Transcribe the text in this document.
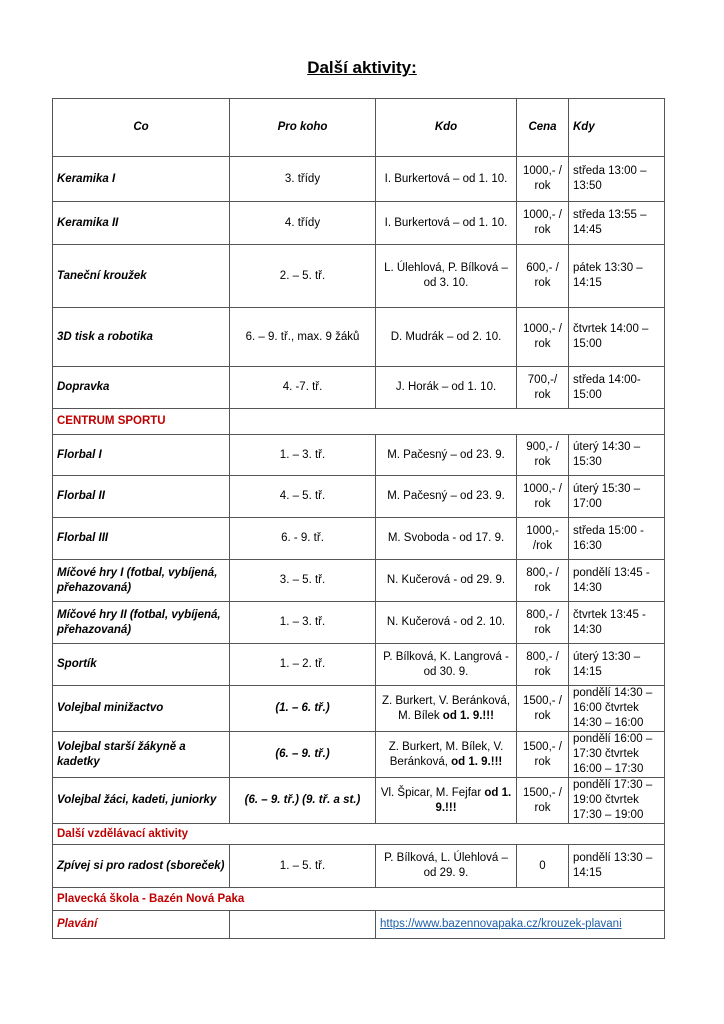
Další aktivity:
Co	Pro koho	Kdo	Cena	Kdy
Keramika I	3. třídy	I. Burkertová – od 1. 10.	1000,- / rok	středa 13:00 – 13:50
Keramika II	4. třídy	I. Burkertová – od 1. 10.	1000,- / rok	středa 13:55 – 14:45
Taneční kroužek	2. – 5. tř.	L. Úlehlová, P. Bílková – od 3. 10.	600,- / rok	pátek 13:30 – 14:15
3D tisk a robotika	6. – 9. tř., max. 9 žáků	D. Mudrák – od 2. 10.	1000,- / rok	čtvrtek 14:00 – 15:00
Dopravka	4. -7. tř.	J. Horák – od 1. 10.	700,-/ rok	středa 14:00-15:00
CENTRUM SPORTU				
Florbal I	1. – 3. tř.	M. Pačesný – od 23. 9.	900,- / rok	úterý 14:30 – 15:30
Florbal II	4. – 5. tř.	M. Pačesný – od 23. 9.	1000,- / rok	úterý 15:30 – 17:00
Florbal III	6. - 9. tř.	M. Svoboda - od 17. 9.	1000,- /rok	středa 15:00 - 16:30
Míčové hry I (fotbal, vybíjená, přehazovaná)	3. – 5. tř.	N. Kučerová - od 29. 9.	800,- / rok	pondělí 13:45 - 14:30
Míčové hry II (fotbal, vybíjená, přehazovaná)	1. – 3. tř.	N. Kučerová - od 2. 10.	800,- / rok	čtvrtek 13:45 - 14:30
Sportík	1. – 2. tř.	P. Bílková, K. Langrová - od 30. 9.	800,- / rok	úterý 13:30 – 14:15
Volejbal minižactvo	(1. – 6. tř.)	Z. Burkert, V. Beránková, M. Bílek od 1. 9.!!!	1500,- / rok	pondělí 14:30 – 16:00 čtvrtek 14:30 – 16:00
Volejbal starší žákyně a kadetky	(6. – 9. tř.)	Z. Burkert, M. Bílek, V. Beránková, od 1. 9.!!!	1500,- / rok	pondělí 16:00 – 17:30 čtvrtek 16:00 – 17:30
Volejbal žáci, kadeti, juniorky	(6. – 9. tř.) (9. tř. a st.)	Vl. Špicar, M. Fejfar od 1. 9.!!!	1500,- / rok	pondělí 17:30 – 19:00 čtvrtek 17:30 – 19:00
Další vzdělávací aktivity				
Zpívej si pro radost (sboreček)	1. – 5. tř.	P. Bílková, L. Úlehlová – od 29. 9.	0	pondělí 13:30 – 14:15
Plavecká škola - Bazén Nová Paka				
Plavání		https://www.bazennovapaka.cz/krouzek-plavani		
